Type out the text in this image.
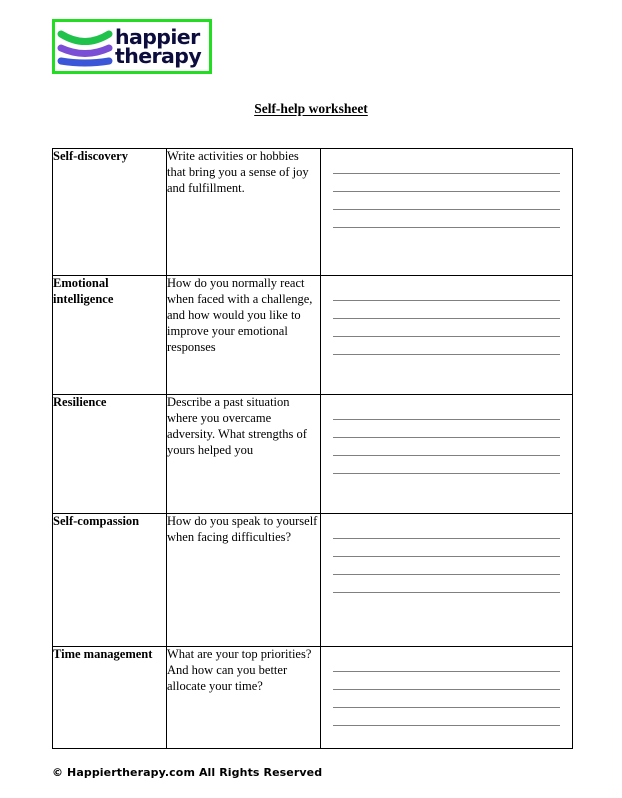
happier
therapy
Self-help worksheet
Self-discovery	Write activities or hobbies that bring you a sense of joy and fulfillment.	

Emotional intelligence	How do you normally react when faced with a challenge, and how would you like to improve your emotional responses	

Resilience	Describe a past situation where you overcame adversity. What strengths of yours helped you	

Self-compassion	How do you speak to yourself when facing difficulties?	

Time management	What are your top priorities? And how can you better allocate your time?	
© Happiertherapy.com All Rights Reserved
